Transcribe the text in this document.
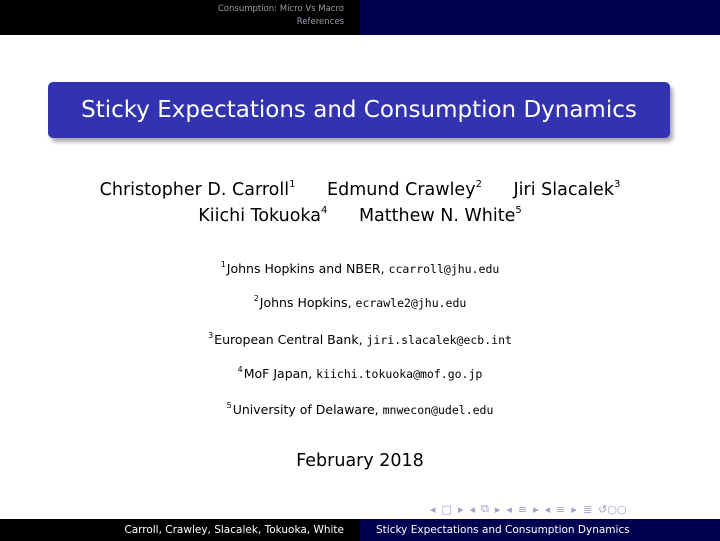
Consumption: Micro Vs Macro
References
Sticky Expectations and Consumption Dynamics
Christopher D. Carroll$^1$ Edmund Crawley$^2$ Jiri Slacalek$^3$
Kiichi Tokuoka$^4$ Matthew N. White$^5$
$^1$Johns Hopkins and NBER, ccarroll@jhu.edu
$^2$Johns Hopkins, ecrawle2@jhu.edu
$^3$European Central Bank, jiri.slacalek@ecb.int
$^4$MoF Japan, kiichi.tokuoka@mof.go.jp
$^5$University of Delaware, mnwecon@udel.edu
February 2018
◂ □ ▸ ◂ ⧉ ▸ ◂ ≡ ▸ ◂ ≡ ▸ ≣ ↺○○
Carroll, Crawley, Slacalek, Tokuoka, White	Sticky Expectations and Consumption Dynamics
